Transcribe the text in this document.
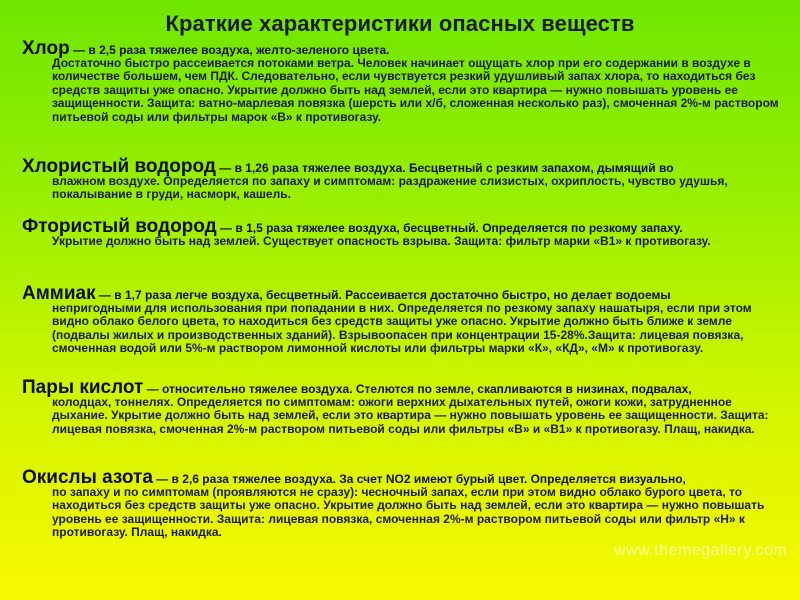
Краткие характеристики опасных веществ

Хлор — в 2,5 раза тяжелее воздуха, желто-зеленого цвета.

Достаточно быстро рассеивается потоками ветра. Человек начинает ощущать хлор при его содержании в воздухе в количестве большем, чем ПДК. Следовательно, если чувствуется резкий удушливый запах хлора, то находиться без средств защиты уже опасно. Укрытие должно быть над землей, если это квартира — нужно повышать уровень ее защищенности. Защита: ватно-марлевая повязка (шерсть или х/б, сложенная несколько раз), смоченная 2%-м раствором питьевой соды или фильтры марок «В» к противогазу.

Хлористый водород — в 1,26 раза тяжелее воздуха. Бесцветный с резким запахом, дымящий во

влажном воздухе. Определяется по запаху и симптомам: раздражение слизистых, охриплость, чувство удушья, покалывание в груди, насморк, кашель.

Фтористый водород — в 1,5 раза тяжелее воздуха, бесцветный. Определяется по резкому запаху.

Укрытие должно быть над землей. Существует опасность взрыва. Защита: фильтр марки «В1» к противогазу.

Аммиак — в 1,7 раза легче воздуха, бесцветный. Рассеивается достаточно быстро, но делает водоемы

непригодными для использования при попадании в них. Определяется по резкому запаху нашатыря, если при этом видно облако белого цвета, то находиться без средств защиты уже опасно. Укрытие должно быть ближе к земле (подвалы жилых и производственных зданий). Взрывоопасен при концентрации 15-28%.Защита: лицевая повязка, смоченная водой или 5%-м раствором лимонной кислоты или фильтры марки «К», «КД», «М» к противогазу.

Пары кислот — относительно тяжелее воздуха. Стелются по земле, скапливаются в низинах, подвалах,

колодцах, тоннелях. Определяется по симптомам: ожоги верхних дыхательных путей, ожоги кожи, затрудненное дыхание. Укрытие должно быть над землей, если это квартира — нужно повышать уровень ее защищенности. Защита: лицевая повязка, смоченная 2%-м раствором питьевой соды или фильтры «В» и «В1» к противогазу. Плащ, накидка.

Окислы азота — в 2,6 раза тяжелее воздуха. За счет NO2 имеют бурый цвет. Определяется визуально,

по запаху и по симптомам (проявляются не сразу): чесночный запах, если при этом видно облако бурого цвета, то находиться без средств защиты уже опасно. Укрытие должно быть над землей, если это квартира — нужно повышать уровень ее защищенности. Защита: лицевая повязка, смоченная 2%-м раствором питьевой соды или фильтр «Н» к противогазу. Плащ, накидка.

www.themegallery.com
